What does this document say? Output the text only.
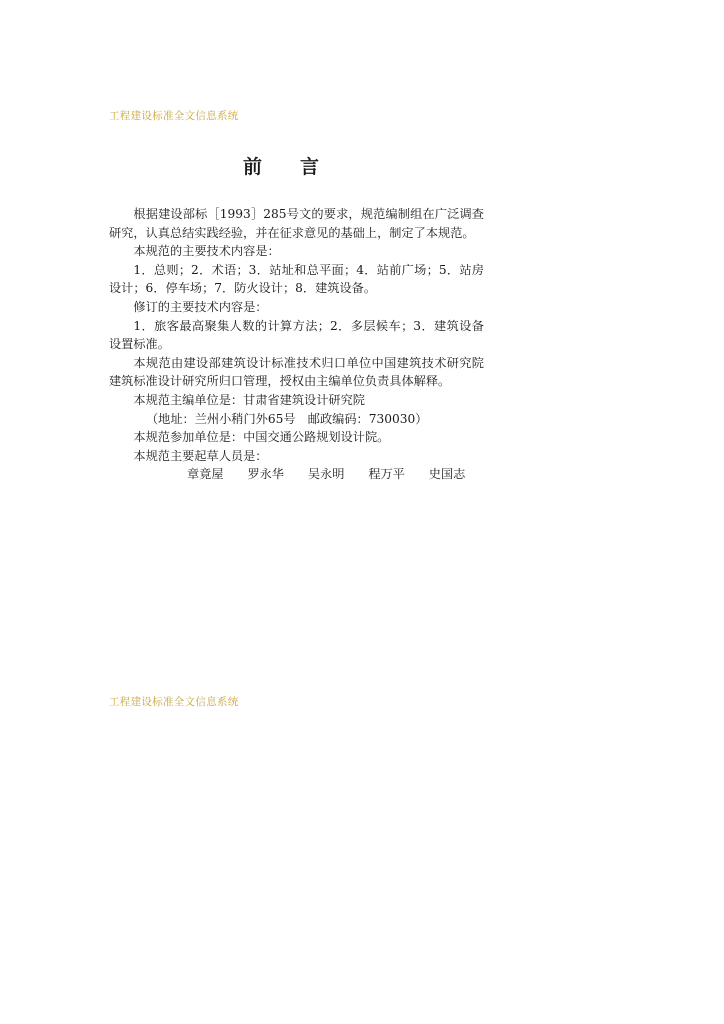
工程建设标准全文信息系统
前言

根据建设部标［1993］285号文的要求，规范编制组在广泛调查研究，认真总结实践经验，并在征求意见的基础上，制定了本规范。

本规范的主要技术内容是：

1．总则；2．术语；3．站址和总平面；4．站前广场；5．站房设计；6．停车场；7．防火设计；8．建筑设备。

修订的主要技术内容是：

1．旅客最高聚集人数的计算方法；2．多层候车；3．建筑设备设置标准。

本规范由建设部建筑设计标准技术归口单位中国建筑技术研究院建筑标准设计研究所归口管理，授权由主编单位负责具体解释。

本规范主编单位是：甘肃省建筑设计研究院

（地址：兰州小稍门外65号　邮政编码：730030）

本规范参加单位是：中国交通公路规划设计院。

本规范主要起草人员是：

章竟屋 罗永华 吴永明 程万平 史国志

工程建设标准全文信息系统
